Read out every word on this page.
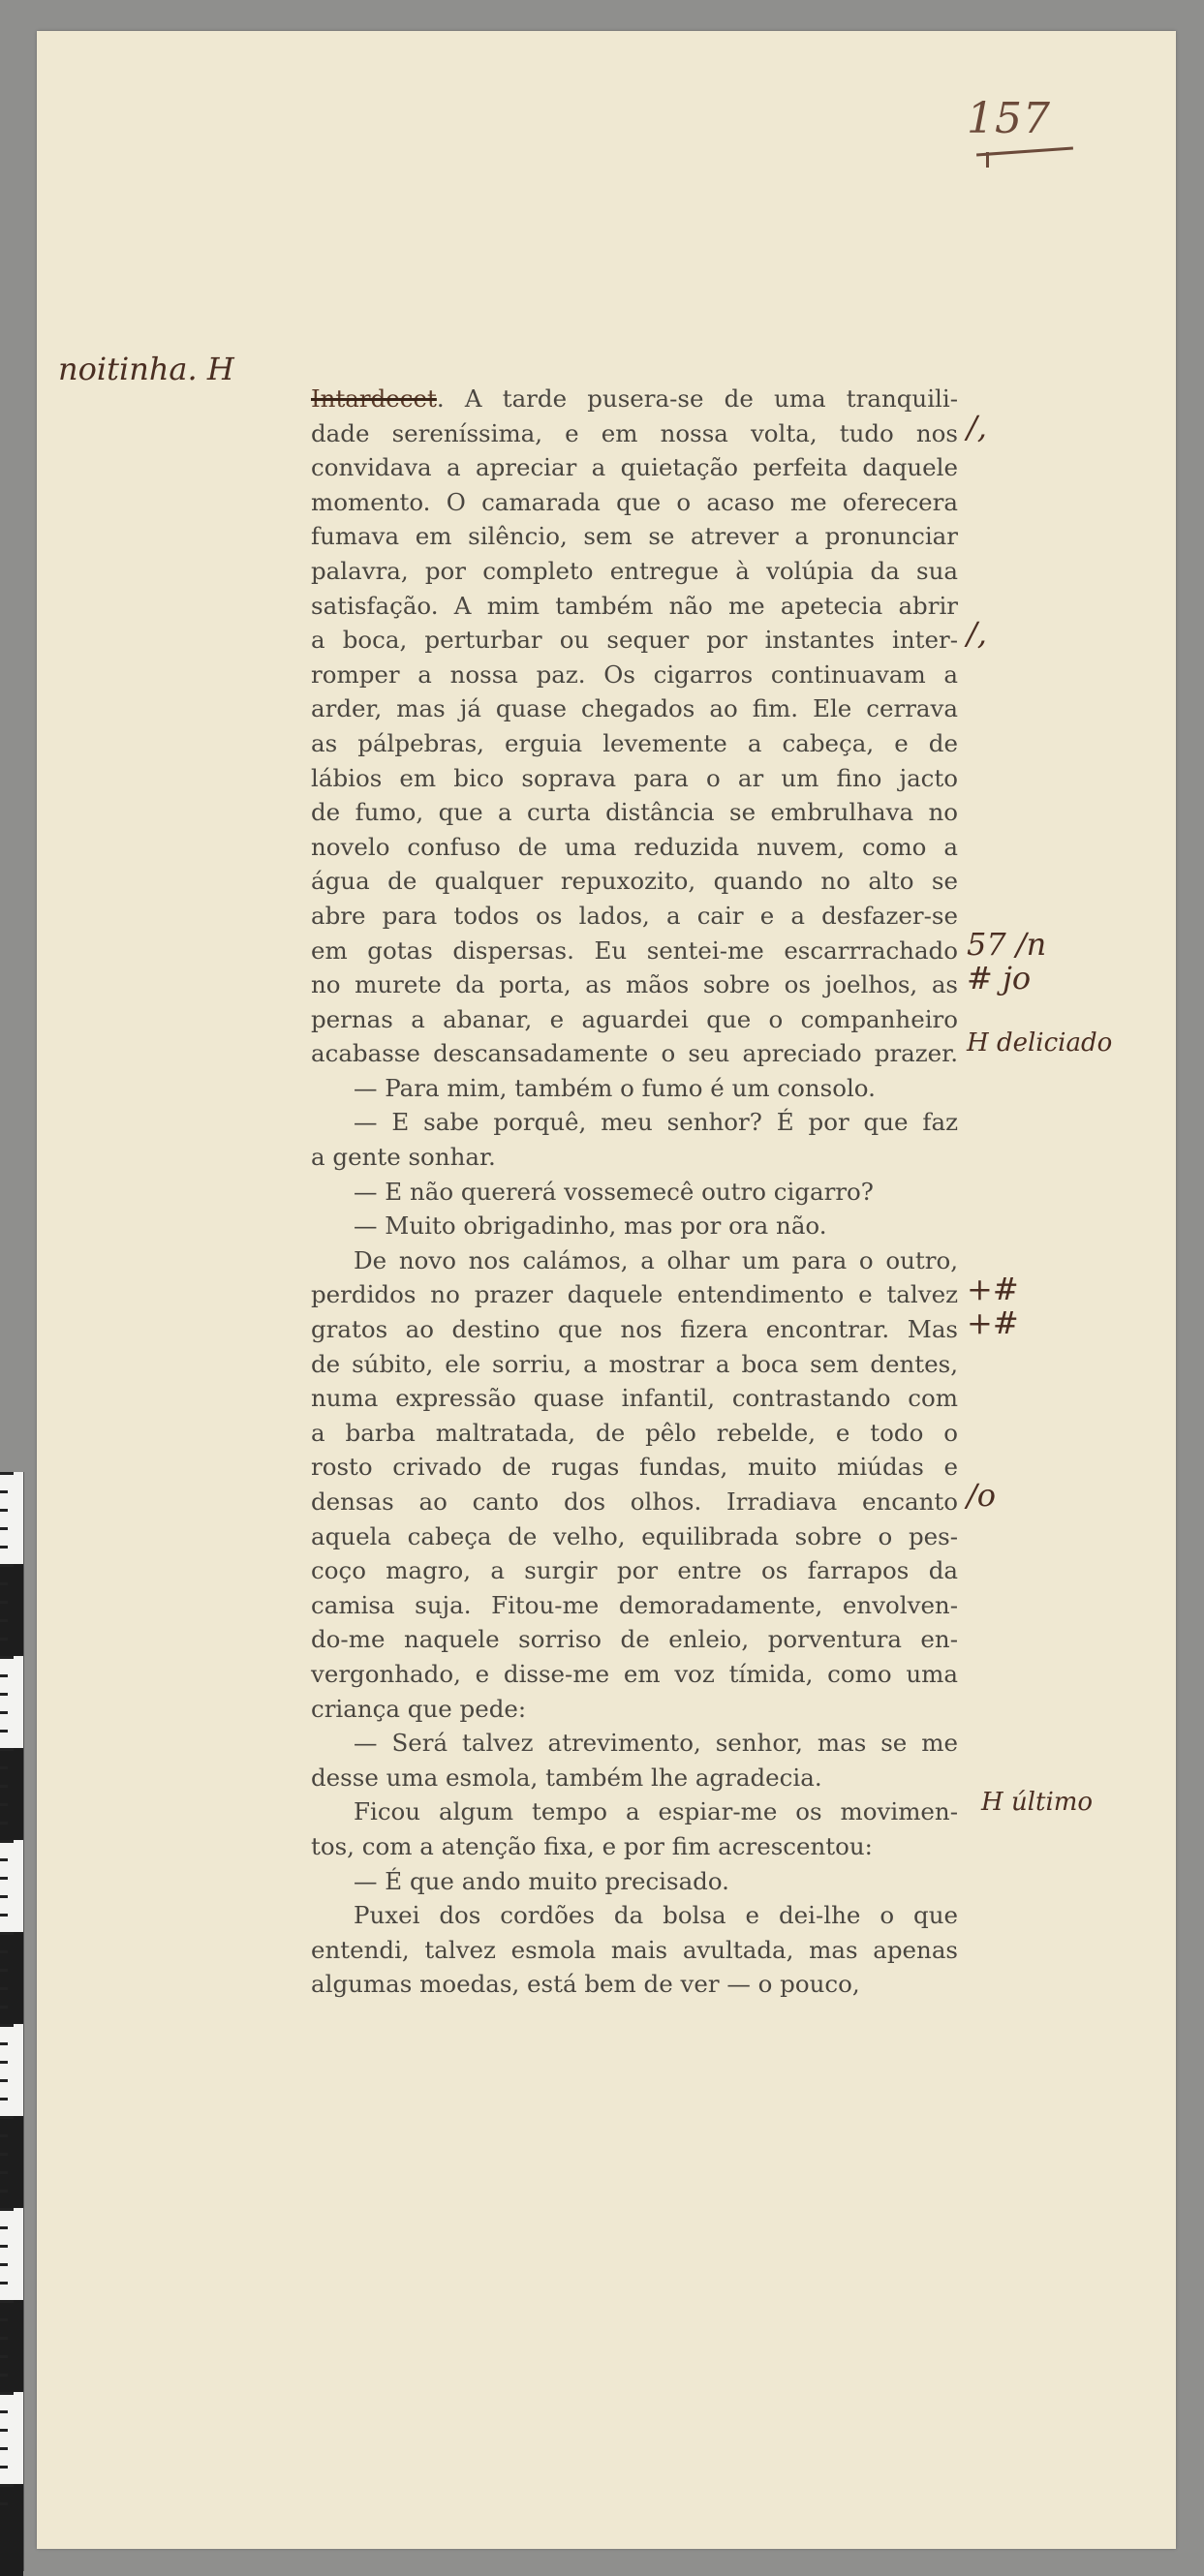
157
noitinha. H
Intardecet. A tarde pusera-se de uma tranquili-
dade sereníssima, e em nossa volta, tudo nos
convidava a apreciar a quietação perfeita daquele
momento. O camarada que o acaso me oferecera
fumava em silêncio, sem se atrever a pronunciar
palavra, por completo entregue à volúpia da sua
satisfação. A mim também não me apetecia abrir
a boca, perturbar ou sequer por instantes inter-
romper a nossa paz. Os cigarros continuavam a
arder, mas já quase chegados ao fim. Ele cerrava
as pálpebras, erguia levemente a cabeça, e de
lábios em bico soprava para o ar um fino jacto
de fumo, que a curta distância se embrulhava no
novelo confuso de uma reduzida nuvem, como a
água de qualquer repuxozito, quando no alto se
abre para todos os lados, a cair e a desfazer-se
em gotas dispersas. Eu sentei-me escarrrachado
no murete da porta, as mãos sobre os joelhos, as
pernas a abanar, e aguardei que o companheiro
acabasse descansadamente o seu apreciado prazer.
— Para mim, também o fumo é um consolo.
— E sabe porquê, meu senhor? É por que faz
a gente sonhar.
— E não quererá vossemecê outro cigarro?
— Muito obrigadinho, mas por ora não.
De novo nos calámos, a olhar um para o outro,
perdidos no prazer daquele entendimento e talvez
gratos ao destino que nos fizera encontrar. Mas
de súbito, ele sorriu, a mostrar a boca sem dentes,
numa expressão quase infantil, contrastando com
a barba maltratada, de pêlo rebelde, e todo o
rosto crivado de rugas fundas, muito miúdas e
densas ao canto dos olhos. Irradiava encanto
aquela cabeça de velho, equilibrada sobre o pes-
coço magro, a surgir por entre os farrapos da
camisa suja. Fitou-me demoradamente, envolven-
do-me naquele sorriso de enleio, porventura en-
vergonhado, e disse-me em voz tímida, como uma
criança que pede:
— Será talvez atrevimento, senhor, mas se me
desse uma esmola, também lhe agradecia.
Ficou algum tempo a espiar-me os movimen-
tos, com a atenção fixa, e por fim acrescentou:
— É que ando muito precisado.
Puxei dos cordões da bolsa e dei-lhe o que
entendi, talvez esmola mais avultada, mas apenas
algumas moedas, está bem de ver — o pouco,
/,
/,
57 /n
# jo
H deliciado
+#
+#
/o
H último
